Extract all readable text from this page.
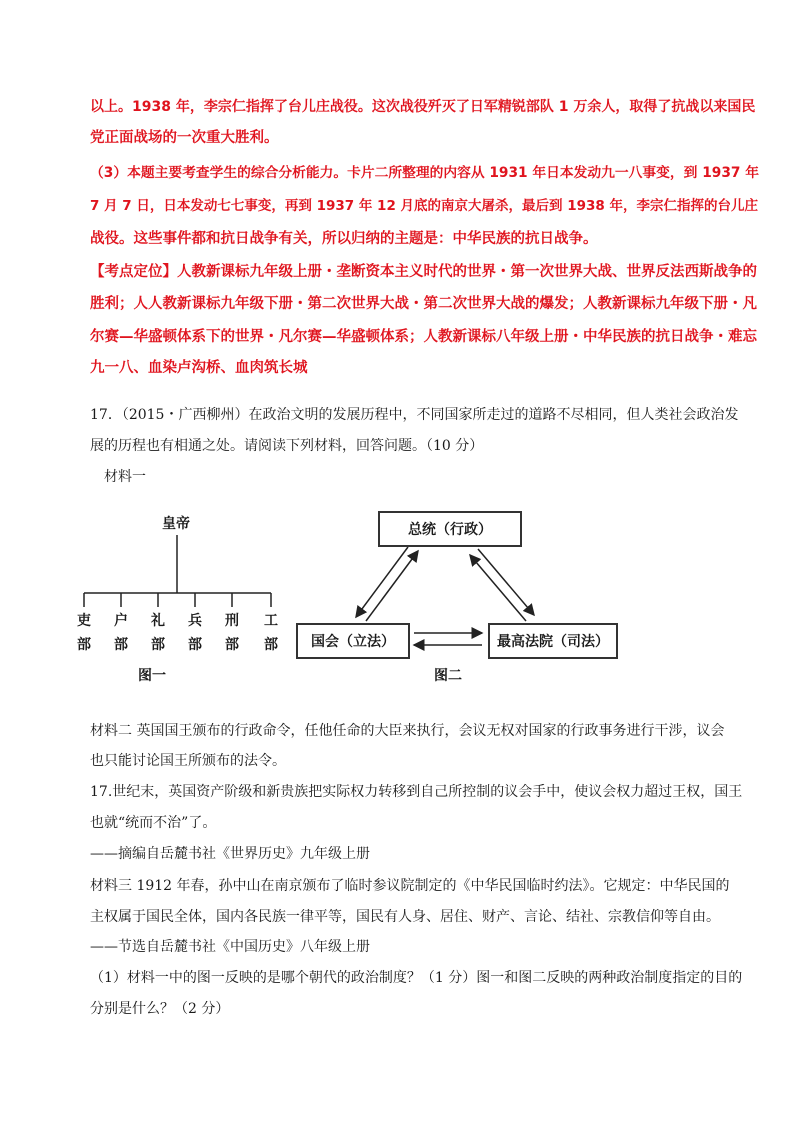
以上。1938 年，李宗仁指挥了台儿庄战役。这次战役歼灭了日军精锐部队 1 万余人，取得了抗战以来国民
党正面战场的一次重大胜利。
（3）本题主要考查学生的综合分析能力。卡片二所整理的内容从 1931 年日本发动九一八事变，到 1937 年
7 月 7 日，日本发动七七事变，再到 1937 年 12 月底的南京大屠杀，最后到 1938 年，李宗仁指挥的台儿庄
战役。这些事件都和抗日战争有关，所以归纳的主题是：中华民族的抗日战争。
【考点定位】人教新课标九年级上册・垄断资本主义时代的世界・第一次世界大战、世界反法西斯战争的
胜利；人人教新课标九年级下册・第二次世界大战・第二次世界大战的爆发；人教新课标九年级下册・凡
尔赛—华盛顿体系下的世界・凡尔赛—华盛顿体系；人教新课标八年级上册・中华民族的抗日战争・难忘
九一八、血染卢沟桥、血肉筑长城
17．（2015・广西柳州）在政治文明的发展历程中，不同国家所走过的道路不尽相同，但人类社会政治发
展的历程也有相通之处。请阅读下列材料，回答问题。（10 分）
材料一
皇帝
吏
部
户
部
礼
部
兵
部
刑
部
工
部
图一
总统（行政）
国会（立法）	最高法院（司法）
图二
材料二 英国国王颁布的行政命令，任他任命的大臣来执行，会议无权对国家的行政事务进行干涉，议会
也只能讨论国王所颁布的法令。
17.世纪末，英国资产阶级和新贵族把实际权力转移到自己所控制的议会手中，使议会权力超过王权，国王
也就“统而不治”了。
——摘编自岳麓书社《世界历史》九年级上册
材料三 1912 年春，孙中山在南京颁布了临时参议院制定的《中华民国临时约法》。它规定：中华民国的
主权属于国民全体，国内各民族一律平等，国民有人身、居住、财产、言论、结社、宗教信仰等自由。
——节选自岳麓书社《中国历史》八年级上册
（1）材料一中的图一反映的是哪个朝代的政治制度？（1 分）图一和图二反映的两种政治制度指定的目的
分别是什么？（2 分）
